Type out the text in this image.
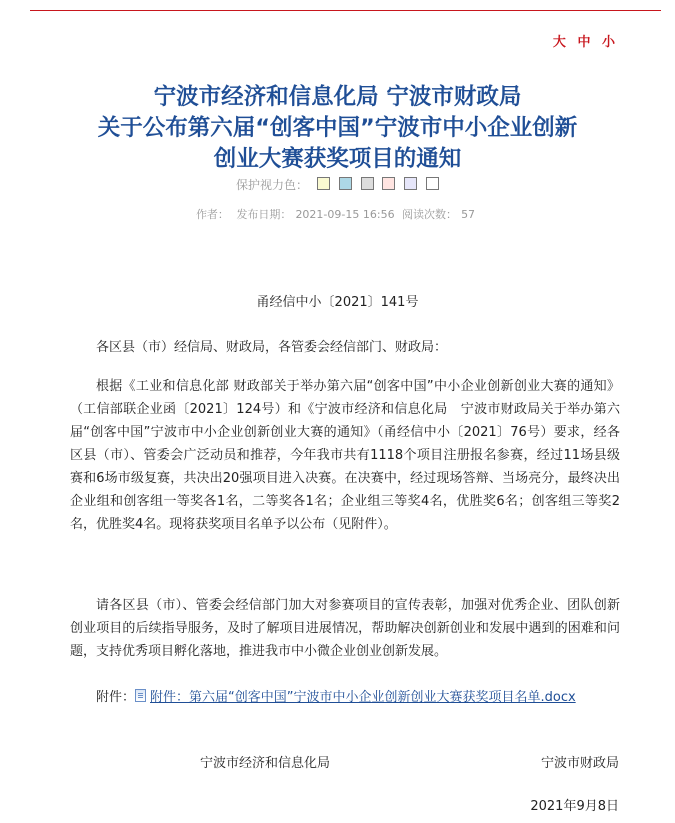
大 中 小
宁波市经济和信息化局 宁波市财政局
关于公布第六届“创客中国”宁波市中小企业创新
创业大赛获奖项目的通知
保护视力色：
作者： 发布日期： 2021-09-15 16:56 阅读次数： 57
甬经信中小〔2021〕141号

各区县（市）经信局、财政局，各管委会经信部门、财政局：

根据《工业和信息化部 财政部关于举办第六届“创客中国”中小企业创新创业大赛的通知》（工信部联企业函〔2021〕124号）和《宁波市经济和信息化局　宁波市财政局关于举办第六届“创客中国”宁波市中小企业创新创业大赛的通知》（甬经信中小〔2021〕76号）要求，经各区县（市）、管委会广泛动员和推荐，今年我市共有1118个项目注册报名参赛，经过11场县级赛和6场市级复赛，共决出20强项目进入决赛。在决赛中，经过现场答辩、当场亮分，最终决出企业组和创客组一等奖各1名，二等奖各1名；企业组三等奖4名，优胜奖6名；创客组三等奖2名，优胜奖4名。现将获奖项目名单予以公布（见附件）。

请各区县（市）、管委会经信部门加大对参赛项目的宣传表彰，加强对优秀企业、团队创新创业项目的后续指导服务，及时了解项目进展情况，帮助解决创新创业和发展中遇到的困难和问题，支持优秀项目孵化落地，推进我市中小微企业创业创新发展。

附件： 附件：第六届“创客中国”宁波市中小企业创新创业大赛获奖项目名单.docx
宁波市经济和信息化局	宁波市财政局
2021年9月8日
